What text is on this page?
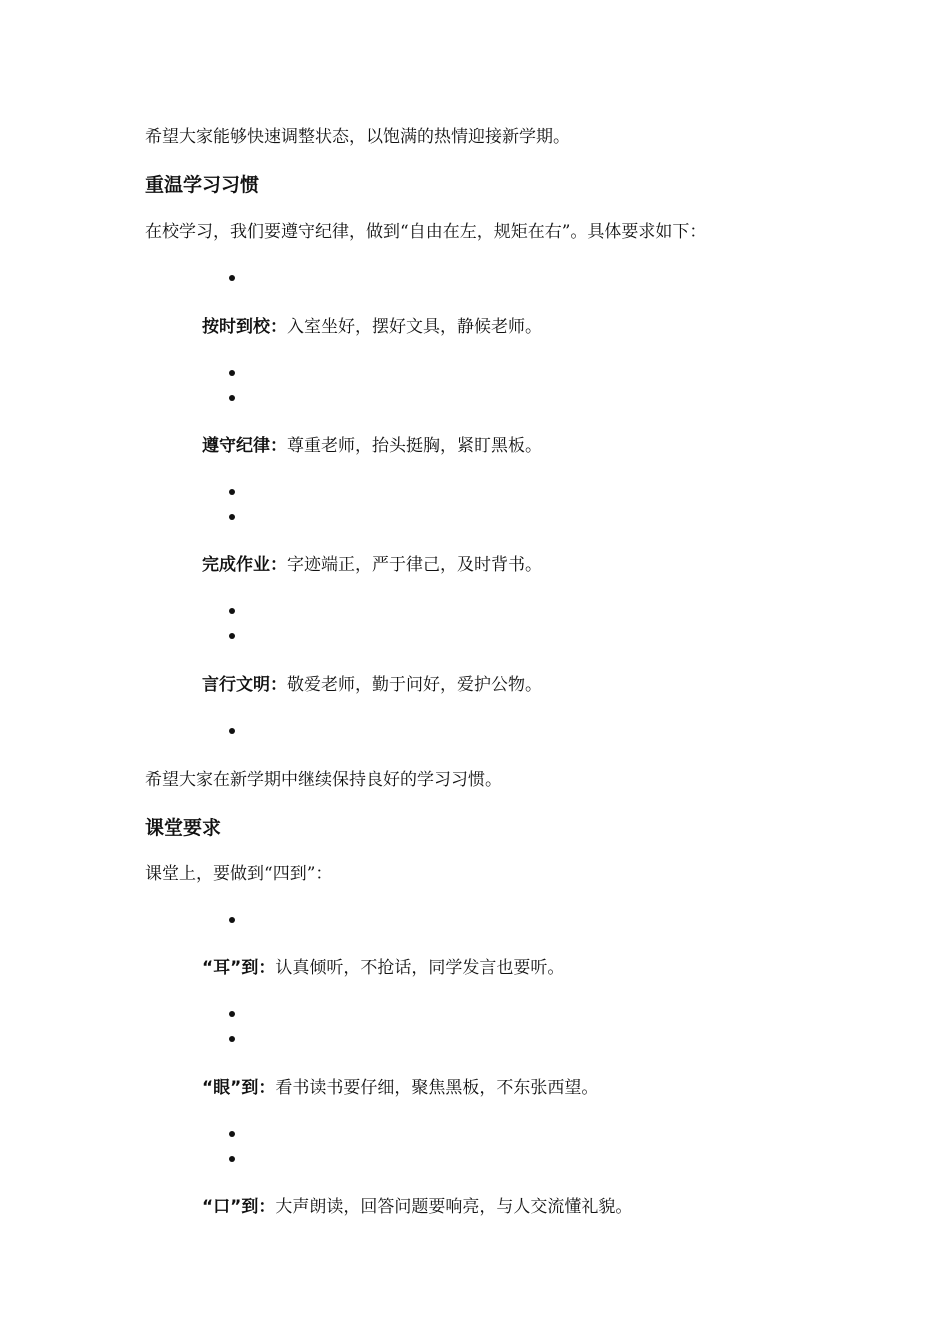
希望大家能够快速调整状态，以饱满的热情迎接新学期。
重温学习习惯
在校学习，我们要遵守纪律，做到“自由在左，规矩在右”。具体要求如下：
按时到校：入室坐好，摆好文具，静候老师。
遵守纪律：尊重老师，抬头挺胸，紧盯黑板。
完成作业：字迹端正，严于律己，及时背书。
言行文明：敬爱老师，勤于问好，爱护公物。
希望大家在新学期中继续保持良好的学习习惯。
课堂要求
课堂上，要做到“四到”：
“耳”到：认真倾听，不抢话，同学发言也要听。
“眼”到：看书读书要仔细，聚焦黑板，不东张西望。
“口”到：大声朗读，回答问题要响亮，与人交流懂礼貌。
